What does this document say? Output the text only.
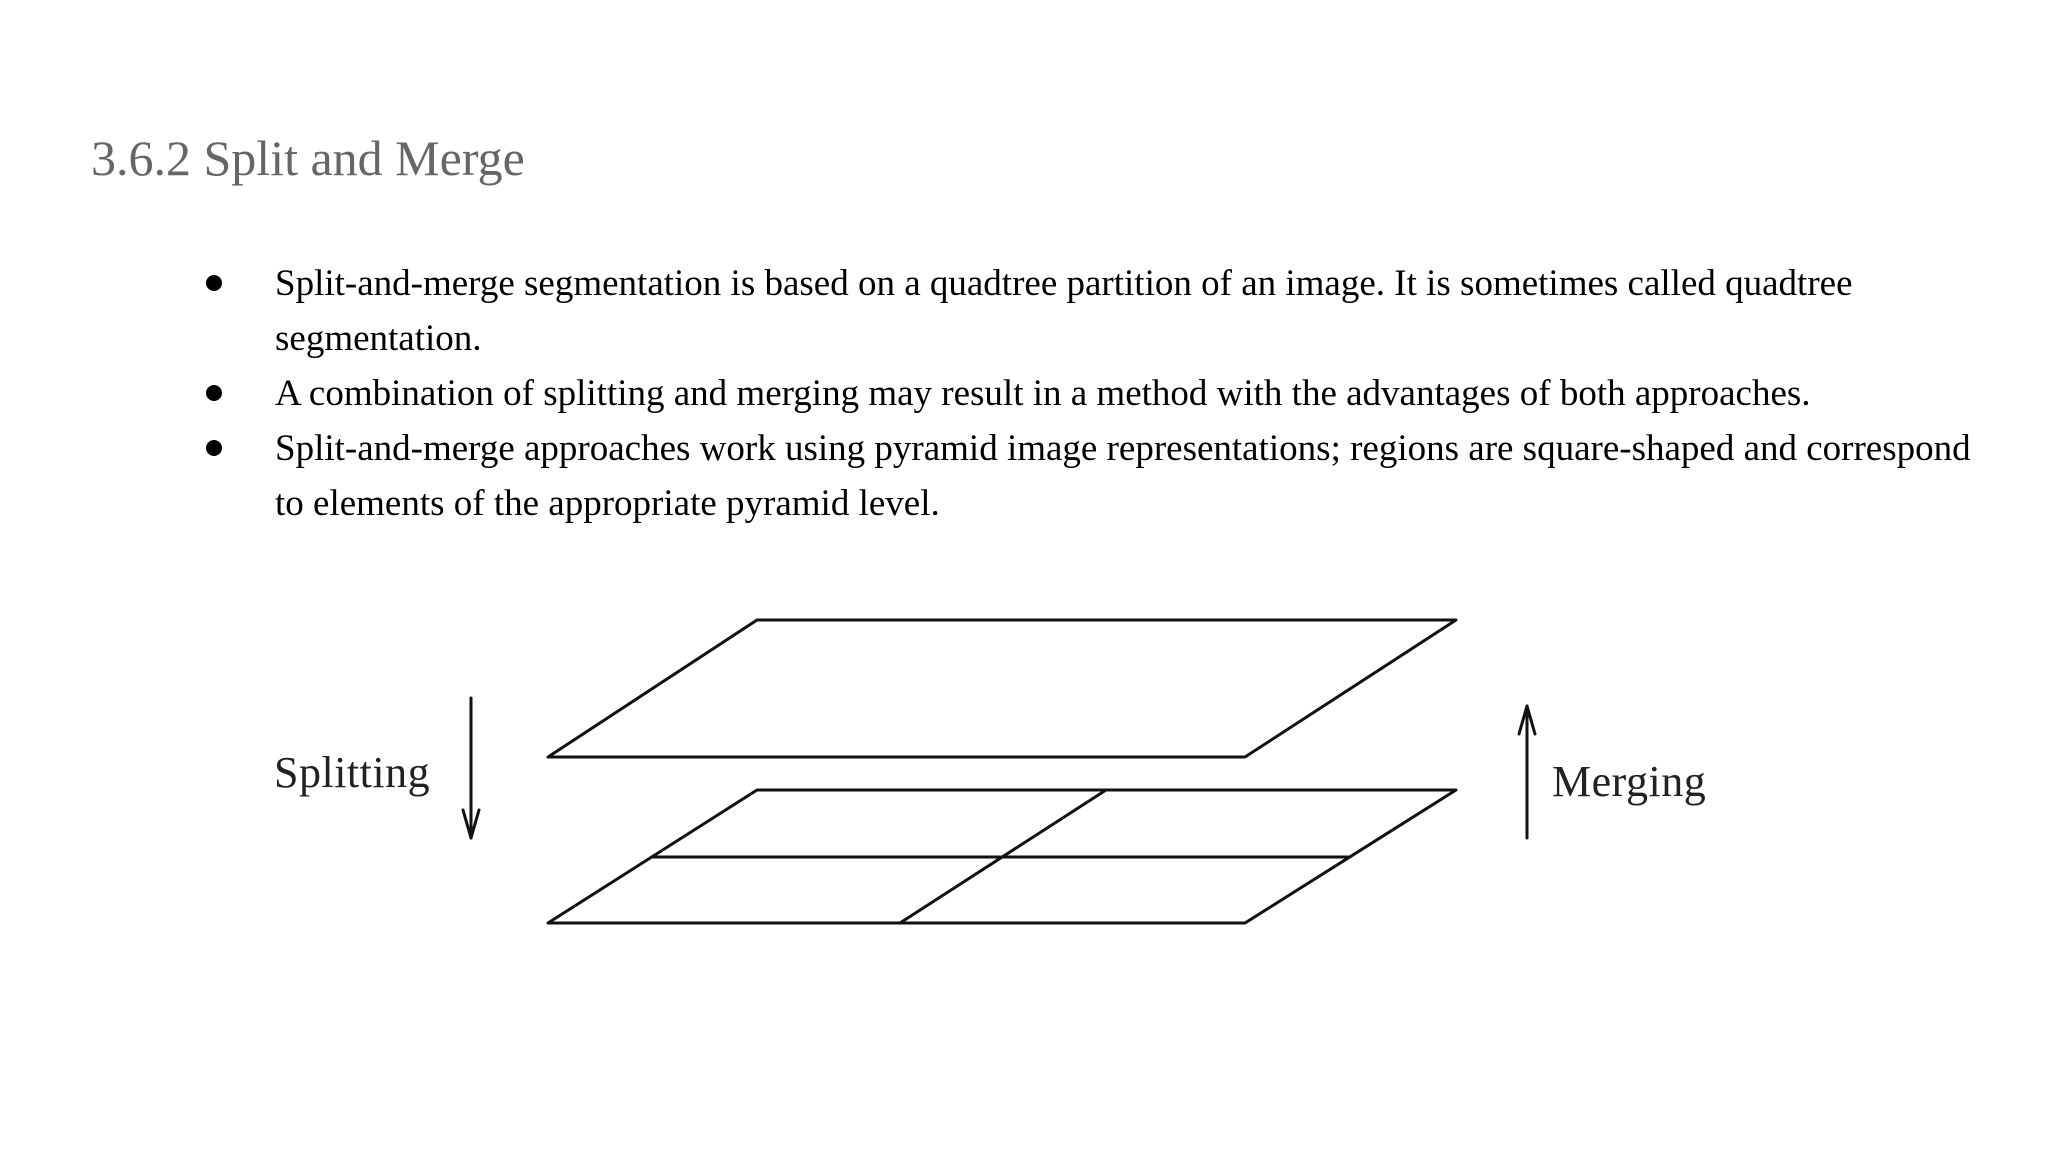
3.6.2 Split and Merge
Split-and-merge segmentation is based on a quadtree partition of an image. It is sometimes called quadtree segmentation.
A combination of splitting and merging may result in a method with the advantages of both approaches.
Split-and-merge approaches work using pyramid image representations; regions are square-shaped and correspond to elements of the appropriate pyramid level.
Splitting	Merging
